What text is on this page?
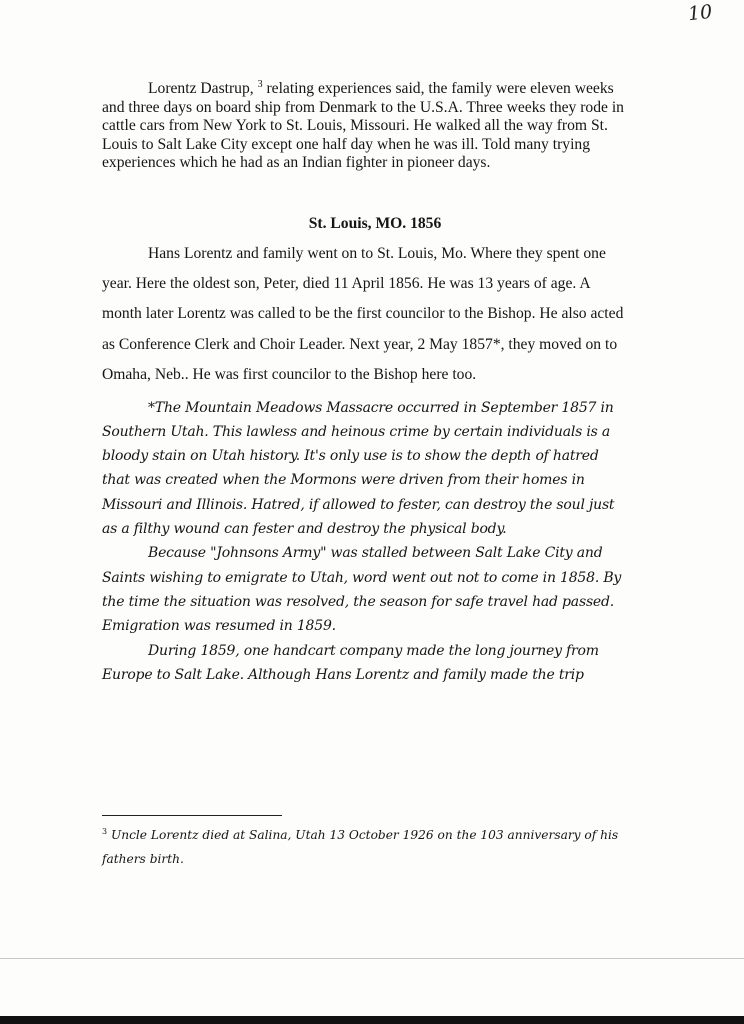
10

Lorentz Dastrup, $^3$ relating experiences said, the family were eleven weeks and three days on board ship from Denmark to the U.S.A. Three weeks they rode in cattle cars from New York to St. Louis, Missouri. He walked all the way from St. Louis to Salt Lake City except one half day when he was ill. Told many trying experiences which he had as an Indian fighter in pioneer days.

St. Louis, MO. 1856

Hans Lorentz and family went on to St. Louis, Mo. Where they spent one year. Here the oldest son, Peter, died 11 April 1856. He was 13 years of age. A month later Lorentz was called to be the first councilor to the Bishop. He also acted as Conference Clerk and Choir Leader. Next year, 2 May 1857*, they moved on to Omaha, Neb.. He was first councilor to the Bishop here too.

*The Mountain Meadows Massacre occurred in September 1857 in Southern Utah. This lawless and heinous crime by certain individuals is a bloody stain on Utah history. It's only use is to show the depth of hatred that was created when the Mormons were driven from their homes in Missouri and Illinois. Hatred, if allowed to fester, can destroy the soul just as a filthy wound can fester and destroy the physical body.

Because "Johnsons Army" was stalled between Salt Lake City and Saints wishing to emigrate to Utah, word went out not to come in 1858. By the time the situation was resolved, the season for safe travel had passed. Emigration was resumed in 1859.

During 1859, one handcart company made the long journey from Europe to Salt Lake. Although Hans Lorentz and family made the trip

$^3$ Uncle Lorentz died at Salina, Utah 13 October 1926 on the 103 anniversary of his fathers birth.
